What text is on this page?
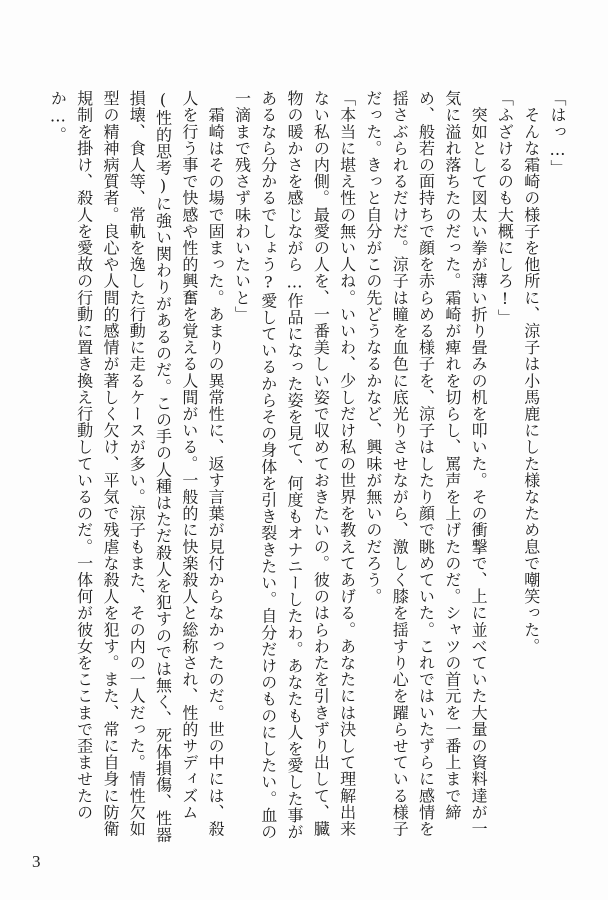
「はっ…」

　そんな霜崎の様子を他所に、涼子は小馬鹿にした様なため息で嘲笑った。

「ふざけるのも大概にしろ!」

　突如として図太い拳が薄い折り畳みの机を叩いた。その衝撃で、上に並べていた大量の資料達が一気に溢れ落ちたのだった。霜崎が痺れを切らし、罵声を上げたのだ。シャツの首元を一番上まで締め、般若の面持ちで顔を赤らめる様子を、涼子はしたり顔で眺めていた。これではいたずらに感情を揺さぶられるだけだ。涼子は瞳を血色に底光りさせながら、激しく膝を揺すり心を躍らせている様子だった。きっと自分がこの先どうなるかなど、興味が無いのだろう。

「本当に堪え性の無い人ね。いいわ、少しだけ私の世界を教えてあげる。あなたには決して理解出来ない私の内側。最愛の人を、一番美しい姿で収めておきたいの。彼のはらわたを引きずり出して、臓物の暖かさを感じながら…作品になった姿を見て、何度もオナニーしたわ。あなたも人を愛した事があるなら分かるでしょう?愛しているからその身体を引き裂きたい。自分だけのものにしたい。血の一滴まで残さず味わいたいと」

　霜崎はその場で固まった。あまりの異常性に、返す言葉が見付からなかったのだ。世の中には、殺人を行う事で快感や性的興奮を覚える人間がいる。一般的に快楽殺人と総称され、性的サディズム(性的思考)に強い関わりがあるのだ。この手の人種はただ殺人を犯すのでは無く、死体損傷、性器損壊、食人等、常軌を逸した行動に走るケースが多い。涼子もまた、その内の一人だった。情性欠如型の精神病質者。良心や人間的感情が著しく欠け、平気で残虐な殺人を犯す。また、常に自身に防衛規制を掛け、殺人を愛故の行動に置き換え行動しているのだ。一体何が彼女をここまで歪ませたのか…。

3
